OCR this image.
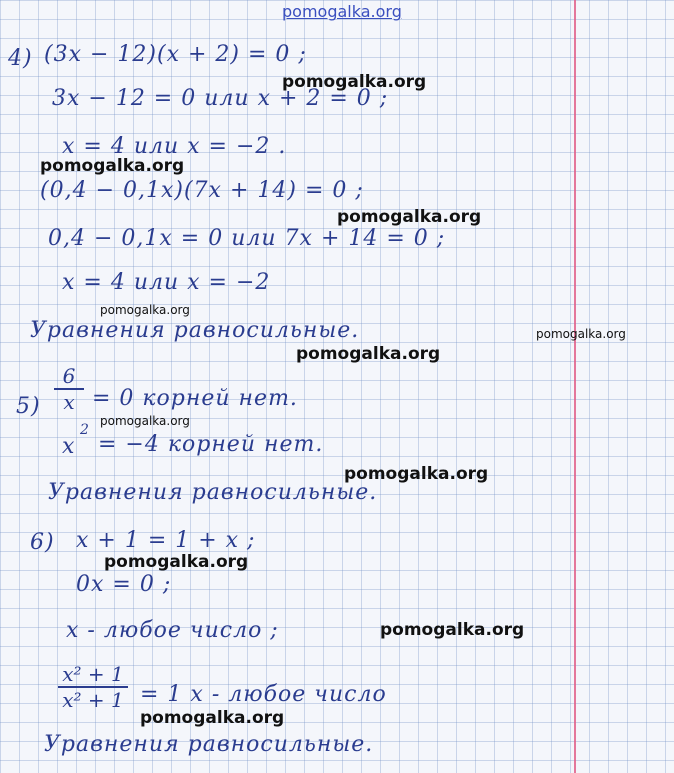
4) (3x − 12)(x + 2) = 0 ;
3x − 12 = 0 или x + 2 = 0 ;
x = 4 или x = −2 .
(0,4 − 0,1x)(7x + 14) = 0 ;
0,4 − 0,1x = 0 или 7x + 14 = 0 ;
x = 4 или x = −2
Уравнения равносильные.
5)
6
x = 0 корней нет.
x
2
= −4 корней нет.
Уравнения равносильные.
6) x + 1 = 1 + x ;
0x = 0 ;
x - любое число ;
x² + 1
x² + 1 = 1 x - любое число
Уравнения равносильные.
pomogalka.org
pomogalka.org
pomogalka.org
pomogalka.org
pomogalka.org
pomogalka.org
pomogalka.org
pomogalka.org
pomogalka.org
pomogalka.org
pomogalka.org
pomogalka.org
